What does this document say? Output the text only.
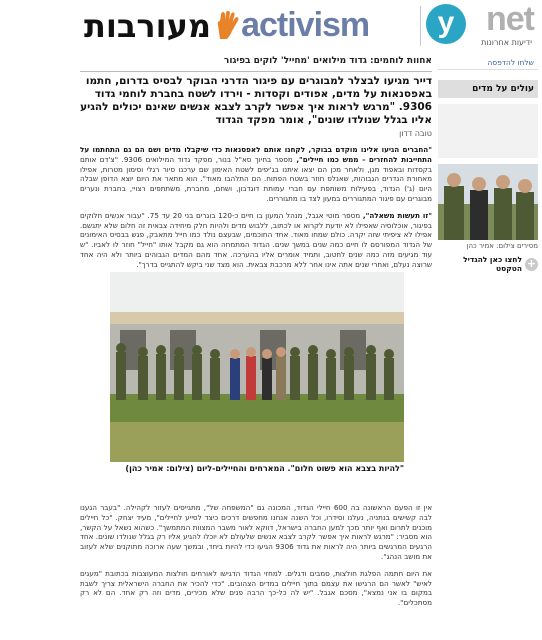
מעורבות activism	y net
ידיעות אחרונות
אחוות לוחמים: גדוד מילואים 'מחייל' לוקים בפיגור
דייר מגיעו לבצלר למבוגרים עם פיגור הדרני הבוקר לבסיס בדרום, חתמו באפסנאות על מדים, אפודים וקסדות - וירדו לשטח בחברת לוחמי גדוד 9306. "מרגש לראות איך אפשר לקרב לצבא אנשים שאינם יכולים להגיע אליו בגלל שנולדו שונים", אומר מפקד הגדוד
טובה דדון

"החברים הגיעו אלינו מוקדם בבוקר, לקחנו אותם לאפסנאות כדי שיקבלו מדים ושם הם גם התחתמו על התחייבות להחזרים - ממש כמו חיילים", מספר בחיוך סא"ל בנור, מפקד גדוד המילואים 9306. "צ'דם אותם בקסדות ובאפוד מגן, ולאחר מכן הם יצאו איתנו בג'יפים לשטח האימון שם ערכנו סיור רגלי וסימון מטרות, אפילו מאחורת הגדרים הגבוהות, שאנלס חוזר בשטח הפתוח. הם התלהבו מאוד". הוא מתאר את היום יוצא הדופן שבלה היום (ג') הגדוד, בפעילות משותפת עם חברי עמותת דוגדבון, ושחם, מחברת, משתתפים רצויי, בחברת ונערים מבוגרים עם פיגור המתגוררים במעון לצד בו מתגוררים.

"זו תעשות משאלה", מספר מוטי אגבל, מנהל המעון בו חיים כ-120 בוגרים בני 20 עד 75. "עבור אנשים חלוקים בפיגור, אוכלוסיה שאפילו לא יודעת לקרוא או לכתוב, ללבוש מדים ולהיות חלק מיחידה צבאית זה חלום שלא יתגשם. אפילו לא ציפיתי שזה יקרה. כולם שמחו מאוד. אחד החוכמים, שבעצם נולד כמו חייל מתאבק, פגש בבסיס האימונים של הגדוד המפורסם לו חיים כמה שנים במשך שנים. הגדוד המתמחה הוא גם מקבל אותו "חייל" חוזר לו לאביו. "ש עוד מגיעים מזה כמה שנים לחטוב, ותמיד אומרים אליו בהערכה. אחד מהם המדים הגבוהים ביותר ולא היה אחד שרוצה נעלם, ואחרי שנים אתה אינו אחר ללא מרכבת צבאית. הוא מצד שני ביקש להתגייס בדרך".

"להיות בצבא הוא פשוט חלום". המארחים והחיילים-ליום (צילום: אמיר כהן)

אין זו הפעם הראשונה בה 600 חיילי הגדוד, המכונה גם "המשפחה של", מתגייסים לעזור לקהילה. "בעבר הגענו לבה קשישים בנתניה, נעלנו וסידרו, וכל השנה אנחנו מחפשים דרכים כיצד לסייע לחיילים", מעיד יצחק. "כל חיילים מוכנים לתרום ואף יותר מכך למען החברה בישראל, דווקא לאור משבר המצוות המתמשך". כשהוא נשאל על הקשר, הוא מסביר: "מרגש לראות איך אפשר לקרב לצבא אנשים שלעולם לא יוכלו להגיע אליו רק בגלל שנולדו שונים. אחד הרגעים המרגשים ביותר היה לראות את גדוד 9306 הגיעו כדי להיות ביחד, ובמשך שעה ארוכה מתוקנים שלא לעזוב את מושב הנהג".

את היום חתמה הפלגת חולצות, סמבים ודגלים. למחזי הגדוד הדגישו לאורחים חולצות המעוצבות בכתובת "מעגים לאיש" לאשר הם הרגישו את עצמם בתוך חיילים במדים הצהובים. "כדי להכיר את החברה הישראלית צריך לשבת במקום בו אני נמצא", מסכם אגבל. "יש לה כל-כך הרבה פנים שלא מכירים, מדים וזה רק אחד. הם לא רק מסתכלים".

שלחו להדפסה
עולים על מדים
מסירים צילום: אמיר כהן
+
לחצו כאן להגדיל הטקסט
